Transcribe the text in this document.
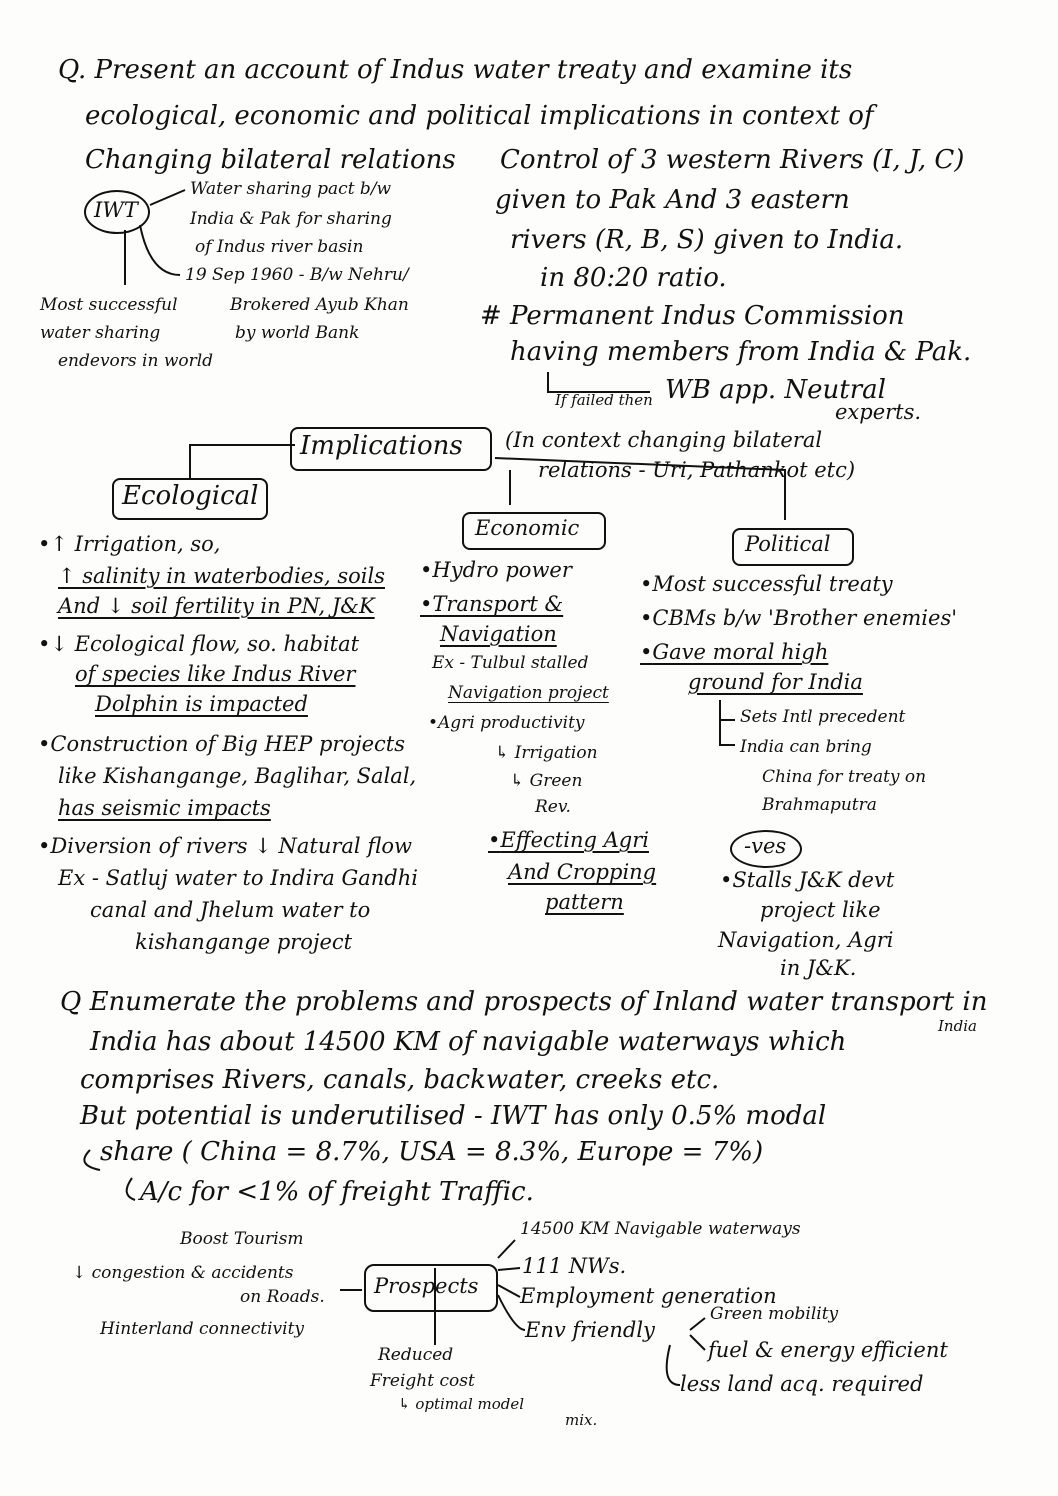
Q. Present an account of Indus water treaty and examine its
ecological, economic and political implications in context of
Changing bilateral relations Control of 3 western Rivers (I, J, C)
given to Pak And 3 eastern
rivers (R, B, S) given to India.
in 80:20 ratio.
IWT
Water sharing pact b/w
India & Pak for sharing
of Indus river basin
19 Sep 1960 - B/w Nehru/
Brokered Ayub Khan
by world Bank
Most successful
water sharing
endevors in world
# Permanent Indus Commission
having members from India & Pak.
If failed then WB app. Neutral
experts.
Implications (In context changing bilateral
relations - Uri, Pathankot etc)
Ecological
• ↑ Irrigation, so,
↑ salinity in waterbodies, soils
And ↓ soil fertility in PN, J&K
• ↓ Ecological flow, so. habitat
of species like Indus River
Dolphin is impacted
• Construction of Big HEP projects
like Kishangange, Baglihar, Salal,
has seismic impacts
• Diversion of rivers ↓ Natural flow
Ex - Satluj water to Indira Gandhi
canal and Jhelum water to
kishangange project
Economic
• Hydro power
• Transport &
Navigation
Ex - Tulbul stalled
Navigation project
• Agri productivity
↳ Irrigation
↳ Green
Rev.
• Effecting Agri
And Cropping
pattern
Political
• Most successful treaty
• CBMs b/w 'Brother enemies'
• Gave moral high
ground for India
Sets Intl precedent
India can bring
China for treaty on
Brahmaputra
-ves
• Stalls J&K devt
project like
Navigation, Agri
in J&K.
Q Enumerate the problems and prospects of Inland water transport in
India
India has about 14500 KM of navigable waterways which
comprises Rivers, canals, backwater, creeks etc.
But potential is underutilised - IWT has only 0.5% modal
share ( China = 8.7%, USA = 8.3%, Europe = 7%)
A/c for <1% of freight Traffic.
Prospects
Boost Tourism
↓ congestion & accidents
on Roads.
Hinterland connectivity
14500 KM Navigable waterways
111 NWs.
Employment generation
Env friendly
Green mobility
fuel & energy efficient
less land acq. required
Reduced
Freight cost
↳ optimal model
mix.
